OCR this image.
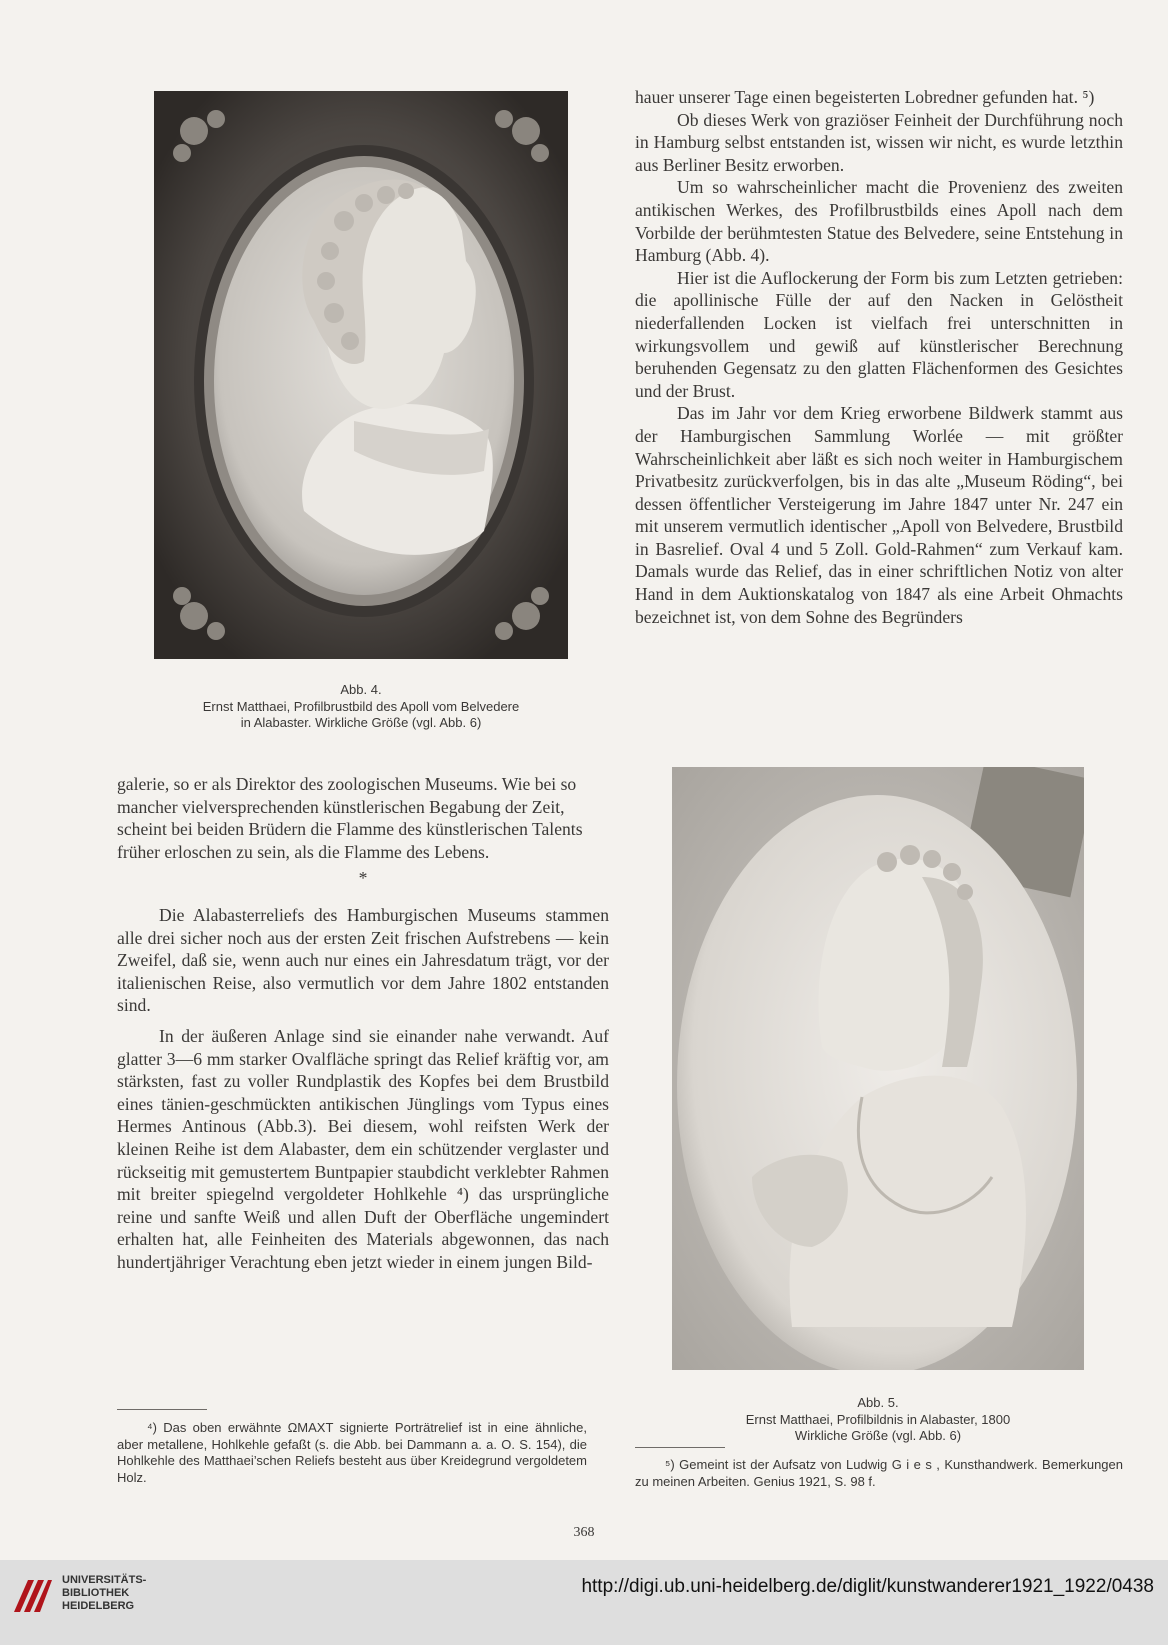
Abb. 4.
Ernst Matthaei, Profilbrustbild des Apoll vom Belvedere
in Alabaster. Wirkliche Größe (vgl. Abb. 6)

hauer unserer Tage einen begeisterten Lobredner gefunden hat. ⁵)

Ob dieses Werk von graziöser Feinheit der Durchführung noch in Hamburg selbst entstanden ist, wissen wir nicht, es wurde letzthin aus Berliner Besitz erworben.

Um so wahrscheinlicher macht die Provenienz des zweiten antikischen Werkes, des Profilbrustbilds eines Apoll nach dem Vorbilde der berühmtesten Statue des Belvedere, seine Entstehung in Hamburg (Abb. 4).

Hier ist die Auflockerung der Form bis zum Letzten getrieben: die apollinische Fülle der auf den Nacken in Gelöstheit niederfallenden Locken ist vielfach frei unterschnitten in wirkungsvollem und gewiß auf künstlerischer Berechnung beruhenden Gegensatz zu den glatten Flächenformen des Gesichtes und der Brust.

Das im Jahr vor dem Krieg erworbene Bildwerk stammt aus der Hamburgischen Sammlung Worlée — mit größter Wahrscheinlichkeit aber läßt es sich noch weiter in Hamburgischem Privatbesitz zurückverfolgen, bis in das alte „Museum Röding“, bei dessen öffentlicher Versteigerung im Jahre 1847 unter Nr. 247 ein mit unserem vermutlich identischer „Apoll von Belvedere, Brustbild in Basrelief. Oval 4 und 5 Zoll. Gold-Rahmen“ zum Verkauf kam. Damals wurde das Relief, das in einer schriftlichen Notiz von alter Hand in dem Auktionskatalog von 1847 als eine Arbeit Ohmachts bezeichnet ist, von dem Sohne des Begründers

Abb. 5.
Ernst Matthaei, Profilbildnis in Alabaster, 1800
Wirkliche Größe (vgl. Abb. 6)

galerie, so er als Direktor des zoologischen Museums. Wie bei so mancher vielversprechenden künstlerischen Begabung der Zeit, scheint bei beiden Brüdern die Flamme des künstlerischen Talents früher erloschen zu sein, als die Flamme des Lebens.

*

Die Alabasterreliefs des Hamburgischen Museums stammen alle drei sicher noch aus der ersten Zeit frischen Aufstrebens — kein Zweifel, daß sie, wenn auch nur eines ein Jahresdatum trägt, vor der italienischen Reise, also vermutlich vor dem Jahre 1802 entstanden sind.

In der äußeren Anlage sind sie einander nahe verwandt. Auf glatter 3—6 mm starker Ovalfläche springt das Relief kräftig vor, am stärksten, fast zu voller Rundplastik des Kopfes bei dem Brustbild eines tänien-geschmückten antikischen Jünglings vom Typus eines Hermes Antinous (Abb.3). Bei diesem, wohl reifsten Werk der kleinen Reihe ist dem Alabaster, dem ein schützender verglaster und rückseitig mit gemustertem Buntpapier staubdicht verklebter Rahmen mit breiter spiegelnd vergoldeter Hohlkehle ⁴) das ursprüngliche reine und sanfte Weiß und allen Duft der Oberfläche ungemindert erhalten hat, alle Feinheiten des Materials abgewonnen, das nach hundertjähriger Verachtung eben jetzt wieder in einem jungen Bild-

⁴) Das oben erwähnte ΩMAXT signierte Porträtrelief ist in eine ähnliche, aber metallene, Hohlkehle gefaßt (s. die Abb. bei Dammann a. a. O. S. 154), die Hohlkehle des Matthaei’schen Reliefs besteht aus über Kreidegrund vergoldetem Holz.
⁵) Gemeint ist der Aufsatz von Ludwig G i e s , Kunsthandwerk. Bemerkungen zu meinen Arbeiten. Genius 1921, S. 98 f.
368
UNIVERSITÄTS-
BIBLIOTHEK
HEIDELBERG
http://digi.ub.uni-heidelberg.de/diglit/kunstwanderer1921_1922/0438
